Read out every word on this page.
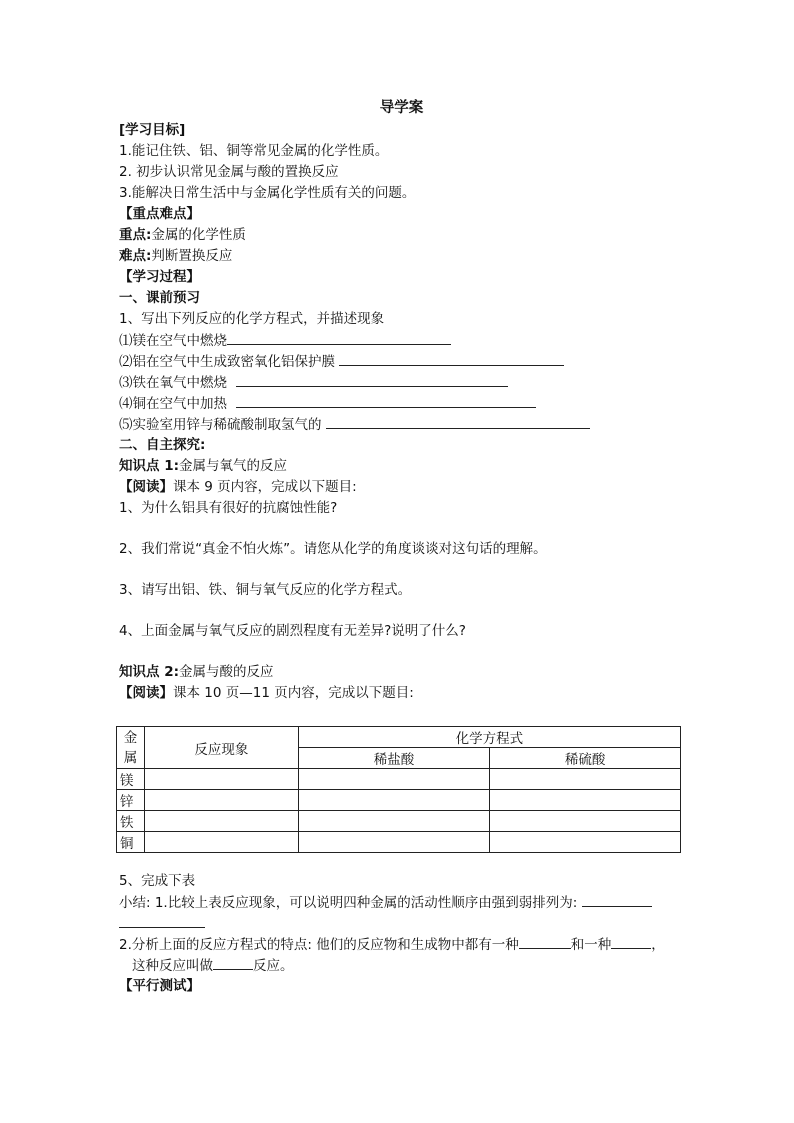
导学案
[学习目标]
1.能记住铁、铝、铜等常见金属的化学性质。
2. 初步认识常见金属与酸的置换反应
3.能解决日常生活中与金属化学性质有关的问题。
【重点难点】
重点:金属的化学性质
难点:判断置换反应
【学习过程】
一、课前预习
1、写出下列反应的化学方程式，并描述现象
⑴镁在空气中燃烧
⑵铝在空气中生成致密氧化铝保护膜
⑶铁在氧气中燃烧
⑷铜在空气中加热
⑸实验室用锌与稀硫酸制取氢气的
二、自主探究:
知识点 1:金属与氧气的反应
【阅读】课本 9 页内容，完成以下题目:
1、为什么铝具有很好的抗腐蚀性能?
2、我们常说“真金不怕火炼”。请您从化学的角度谈谈对这句话的理解。
3、请写出铝、铁、铜与氧气反应的化学方程式。
4、上面金属与氧气反应的剧烈程度有无差异?说明了什么?
知识点 2:金属与酸的反应
【阅读】课本 10 页—11 页内容，完成以下题目:
金
属	反应现象	化学方程式	
		稀盐酸	稀硫酸
镁			
锌			
铁			
铜			
5、完成下表
小结: 1.比较上表反应现象，可以说明四种金属的活动性顺序由强到弱排列为:
2.分析上面的反应方程式的特点: 他们的反应物和生成物中都有一种	和一种	，
这种反应叫做	反应。
【平行测试】
